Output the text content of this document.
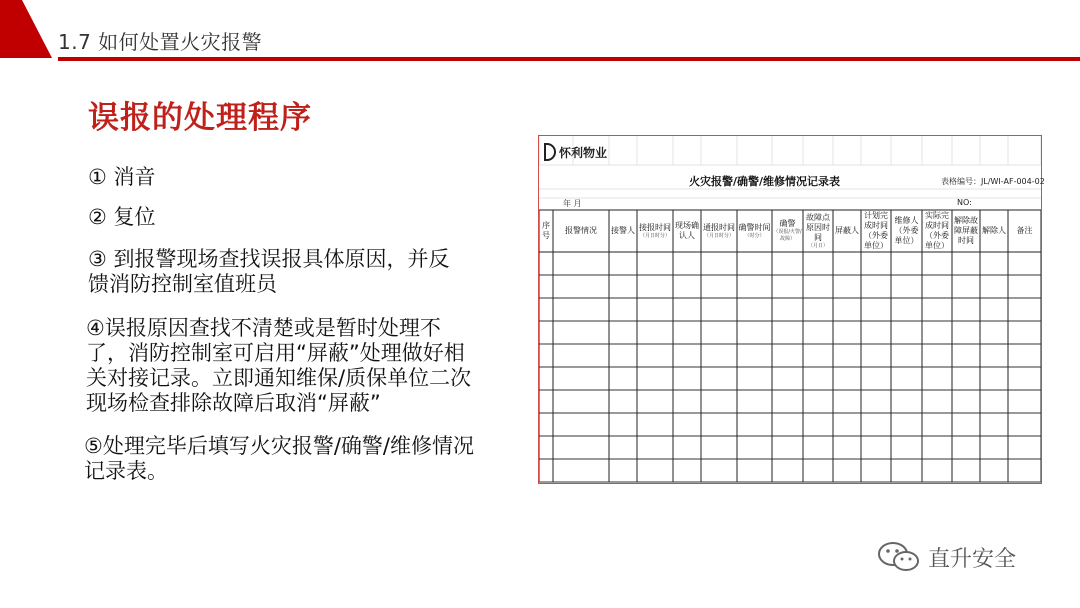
1.7 如何处置火灾报警
误报的处理程序
① 消音
② 复位
③ 到报警现场查找误报具体原因，并反馈消防控制室值班员
④误报原因查找不清楚或是暂时处理不了，消防控制室可启用“屏蔽”处理做好相关对接记录。立即通知维保/质保单位二次现场检查排除故障后取消“屏蔽”
⑤处理完毕后填写火灾报警/确警/维修情况记录表。
怀利物业
火灾报警/确警/维修情况记录表	表格编号：JL/WI-AF-004-02
年 月	NO:
序号
报警情况 接警人 接报时间
（月日时分）
现场确认人
通报时间
（月日时分）
确警时间
（时分）
确警
（误报/火警/故障）
故障点原因时间
（月日）
屏蔽人
计划完成时间（外委单位）
维修人（外委单位）
实际完成时间（外委单位）
解除故障屏蔽时间
解除人 备注
直升安全
